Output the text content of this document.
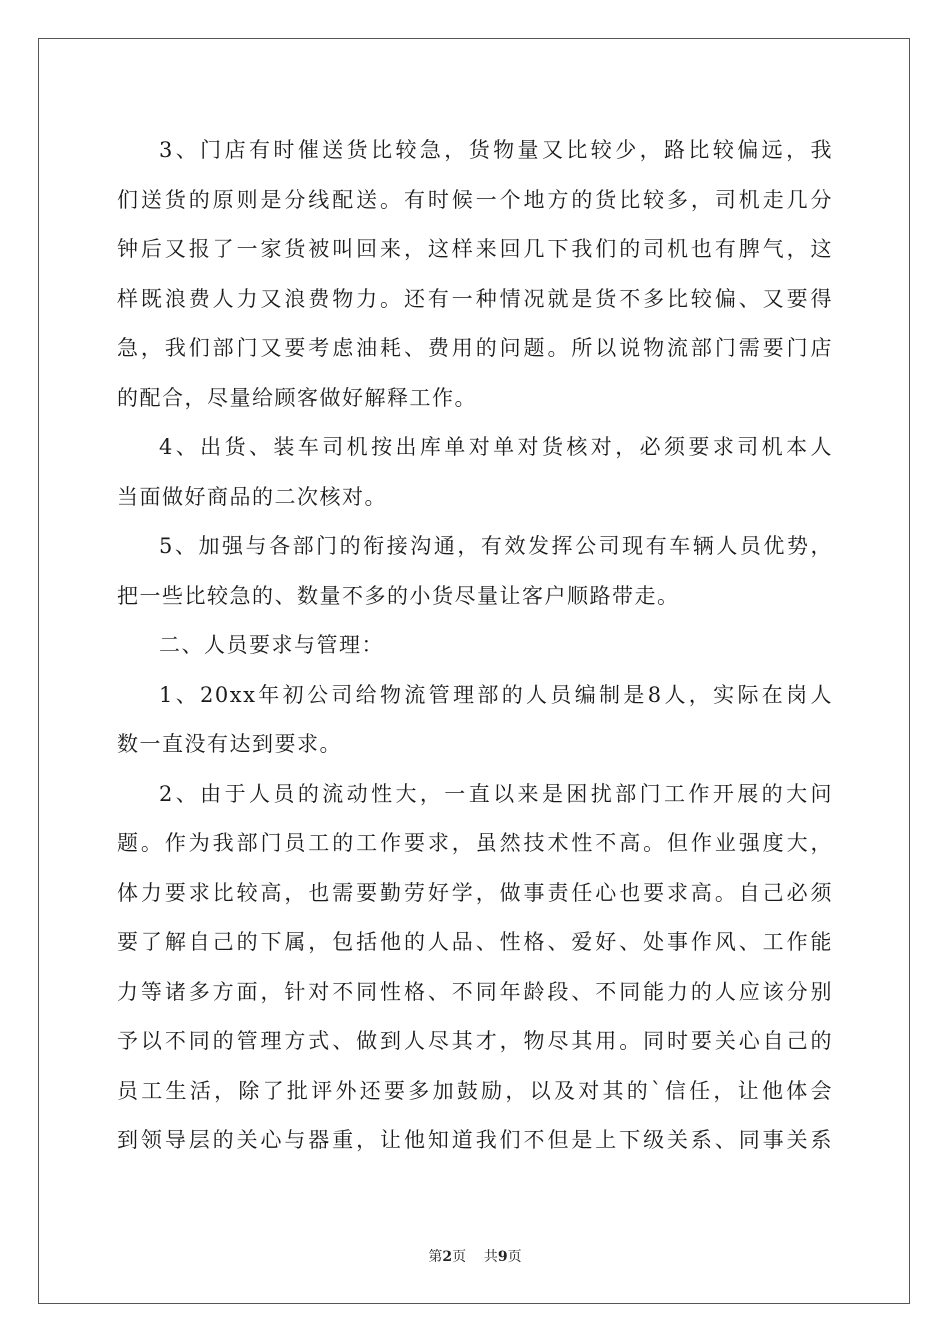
3、门店有时催送货比较急，货物量又比较少，路比较偏远，我
们送货的原则是分线配送。有时候一个地方的货比较多，司机走几分
钟后又报了一家货被叫回来，这样来回几下我们的司机也有脾气，这
样既浪费人力又浪费物力。还有一种情况就是货不多比较偏、又要得
急，我们部门又要考虑油耗、费用的问题。所以说物流部门需要门店
的配合，尽量给顾客做好解释工作。
4、出货、装车司机按出库单对单对货核对，必须要求司机本人
当面做好商品的二次核对。
5、加强与各部门的衔接沟通，有效发挥公司现有车辆人员优势，
把一些比较急的、数量不多的小货尽量让客户顺路带走。
二、人员要求与管理：
1、20xx年初公司给物流管理部的人员编制是8人，实际在岗人
数一直没有达到要求。
2、由于人员的流动性大，一直以来是困扰部门工作开展的大问
题。作为我部门员工的工作要求，虽然技术性不高。但作业强度大，
体力要求比较高，也需要勤劳好学，做事责任心也要求高。自己必须
要了解自己的下属，包括他的人品、性格、爱好、处事作风、工作能
力等诸多方面，针对不同性格、不同年龄段、不同能力的人应该分别
予以不同的管理方式、做到人尽其才，物尽其用。同时要关心自己的
员工生活，除了批评外还要多加鼓励，以及对其的`信任，让他体会
到领导层的关心与器重，让他知道我们不但是上下级关系、同事关系
第2页 共9页
